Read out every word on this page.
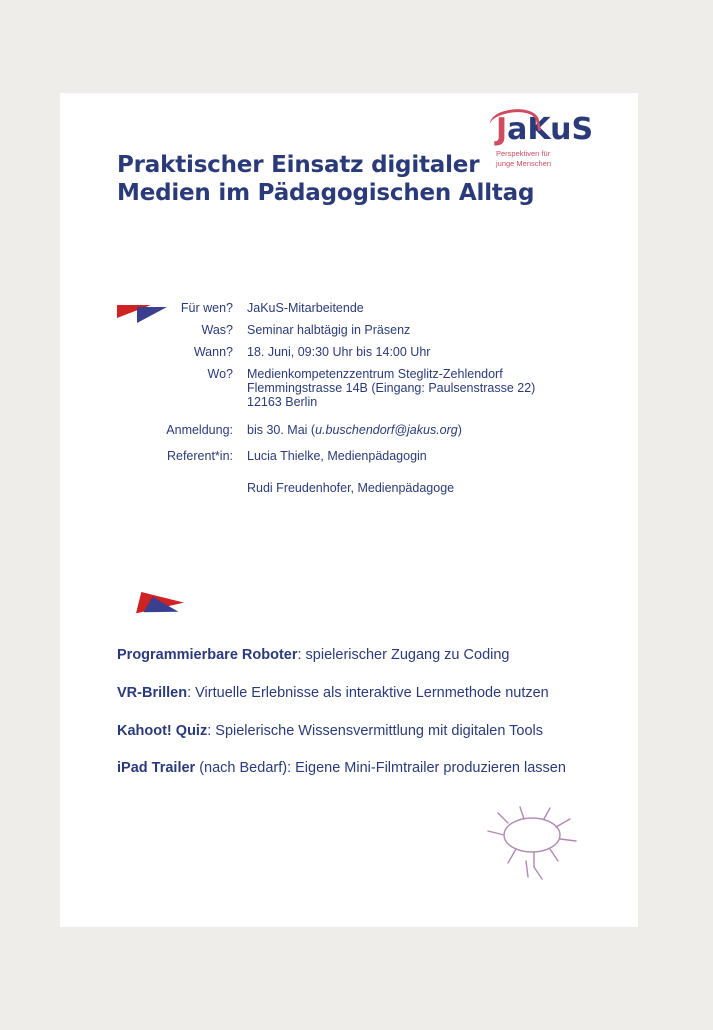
JaKuS
Perspektiven für
junge Menschen
Praktischer Einsatz digitaler
Medien im Pädagogischen Alltag
Für wen?	JaKuS-Mitarbeitende
Was?	Seminar halbtägig in Präsenz
Wann?	18. Juni, 09:30 Uhr bis 14:00 Uhr
Wo?	Medienkompetenzzentrum Steglitz-Zehlendorf
Flemmingstrasse 14B (Eingang: Paulsenstrasse 22)
12163 Berlin
Anmeldung:	bis 30. Mai (u.buschendorf@jakus.org)
Referent*in:	Lucia Thielke, Medienpädagogin
Rudi Freudenhofer, Medienpädagoge
Programmierbare Roboter: spielerischer Zugang zu Coding
VR-Brillen: Virtuelle Erlebnisse als interaktive Lernmethode nutzen
Kahoot! Quiz: Spielerische Wissensvermittlung mit digitalen Tools
iPad Trailer (nach Bedarf): Eigene Mini-Filmtrailer produzieren lassen
